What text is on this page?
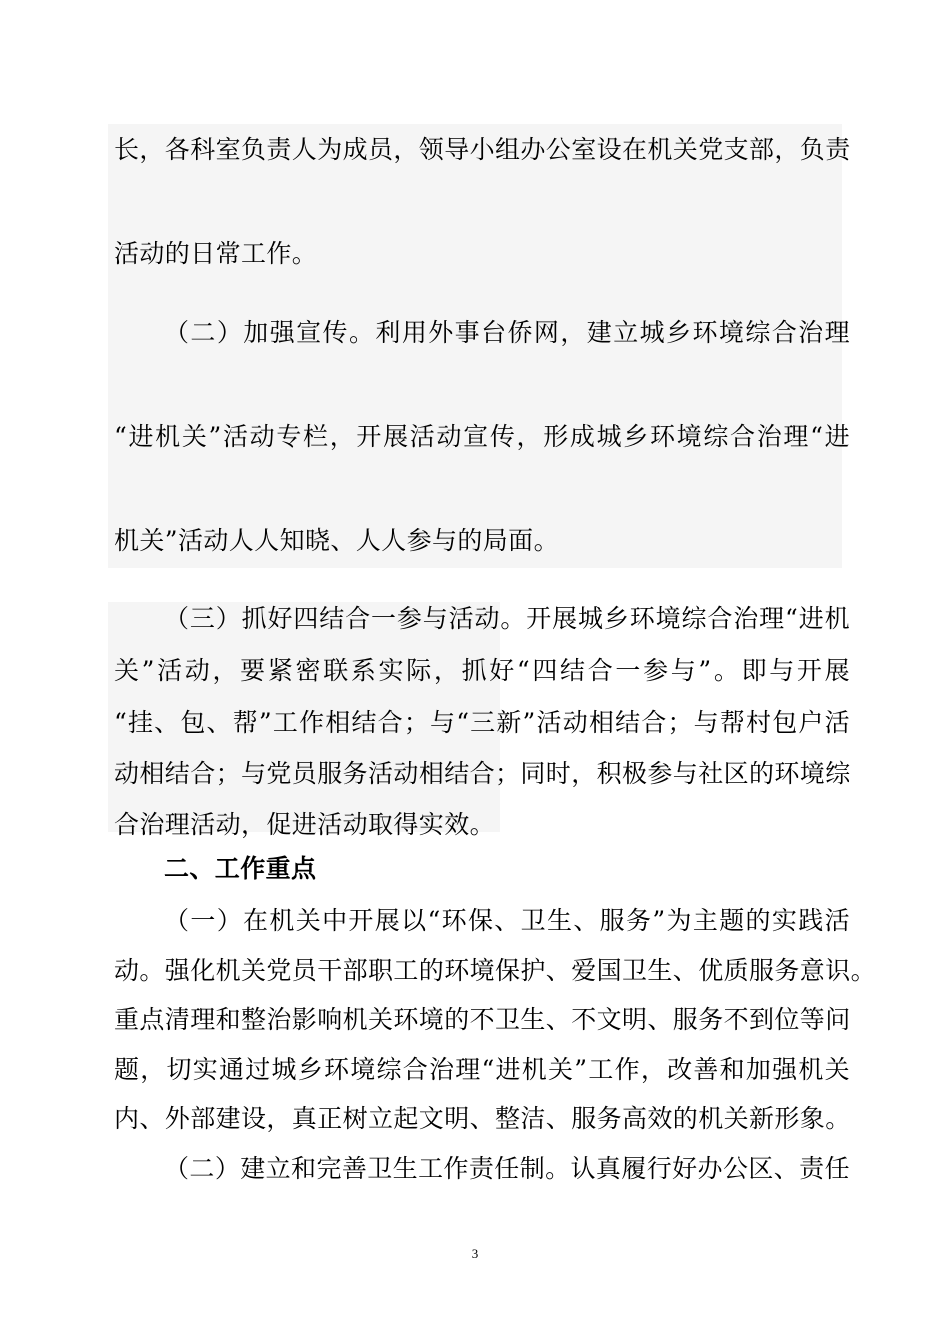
长，各科室负责人为成员，领导小组办公室设在机关党支部，负责
活动的日常工作。
（二）加强宣传。利用外事台侨网，建立城乡环境综合治理
“进机关”活动专栏，开展活动宣传，形成城乡环境综合治理“进
机关”活动人人知晓、人人参与的局面。
（三）抓好四结合一参与活动。开展城乡环境综合治理“进机
关”活动，要紧密联系实际，抓好“四结合一参与”。即与开展
“挂、包、帮”工作相结合；与“三新”活动相结合；与帮村包户活
动相结合；与党员服务活动相结合；同时，积极参与社区的环境综
合治理活动，促进活动取得实效。
二、工作重点
（一）在机关中开展以“环保、卫生、服务”为主题的实践活
动。强化机关党员干部职工的环境保护、爱国卫生、优质服务意识。
重点清理和整治影响机关环境的不卫生、不文明、服务不到位等问
题，切实通过城乡环境综合治理“进机关”工作，改善和加强机关
内、外部建设，真正树立起文明、整洁、服务高效的机关新形象。
（二）建立和完善卫生工作责任制。认真履行好办公区、责任
3
